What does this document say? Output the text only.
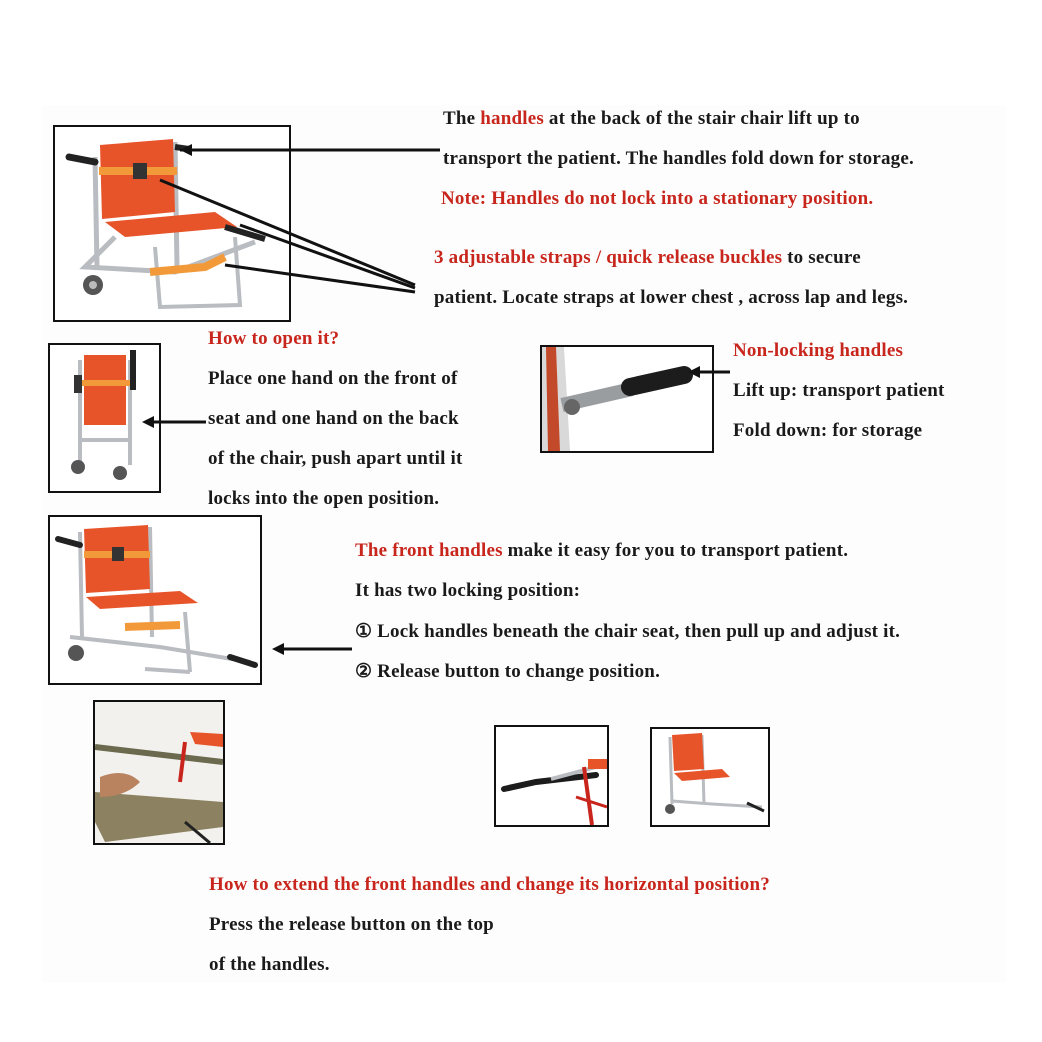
The handles at the back of the stair chair lift up to
transport the patient. The handles fold down for storage.
Note: Handles do not lock into a stationary position.
3 adjustable straps / quick release buckles to secure
patient. Locate straps at lower chest , across lap and legs.
How to open it?
Place one hand on the front of
seat and one hand on the back
of the chair, push apart until it
locks into the open position.
Non-locking handles
Lift up: transport patient
Fold down: for storage
The front handles make it easy for you to transport patient.
It has two locking position:
① Lock handles beneath the chair seat, then pull up and adjust it.
② Release button to change position.
How to extend the front handles and change its horizontal position?
Press the release button on the top
of the handles.
